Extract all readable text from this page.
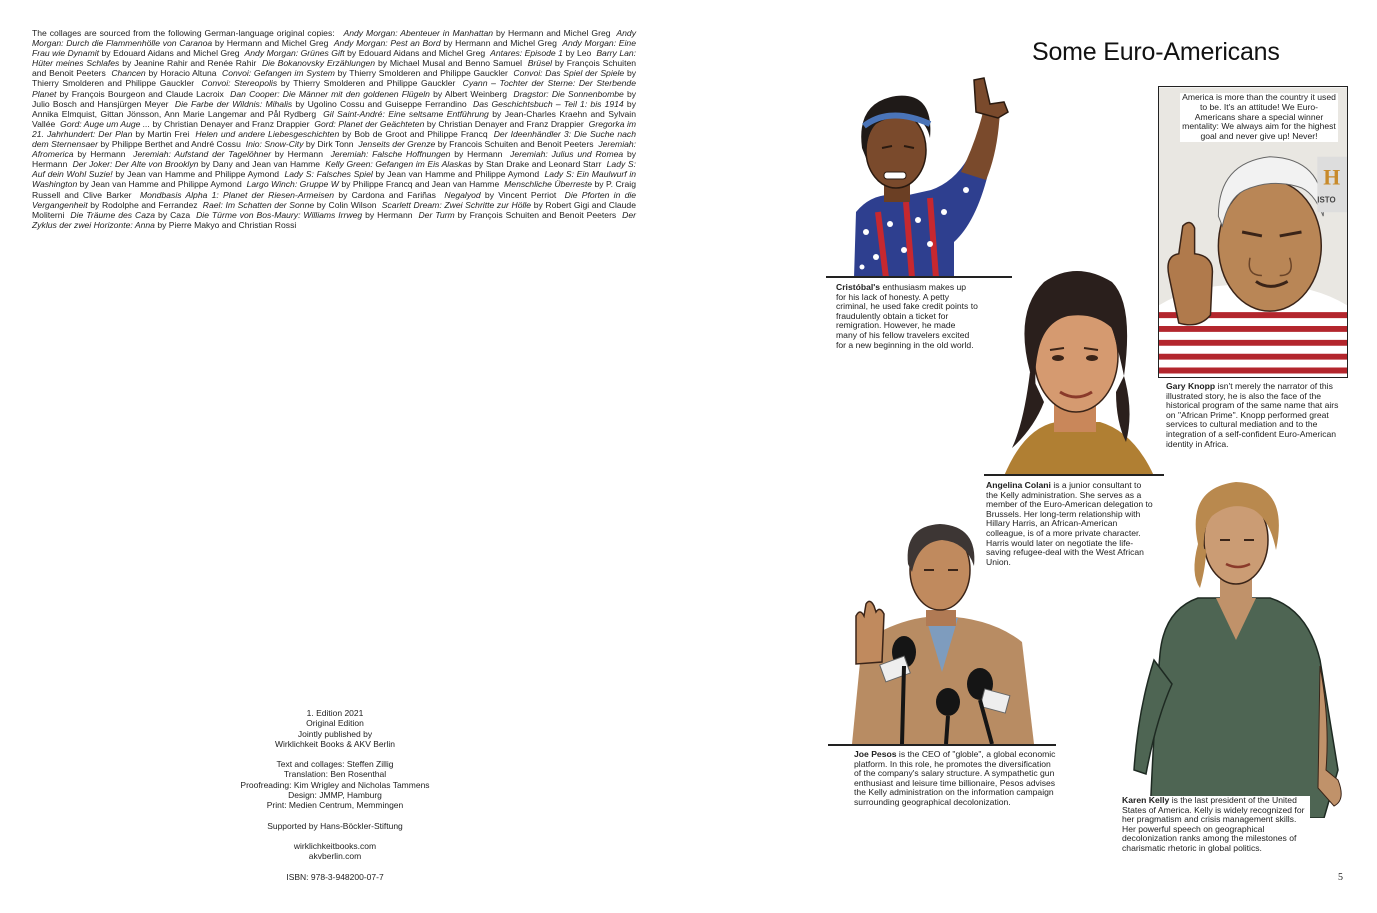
The collages are sourced from the following German-language original copies: Andy Morgan: Abenteuer in Manhattan by Hermann and Michel Greg Andy Morgan: Durch die Flammenhölle von Caranoa by Hermann and Michel Greg Andy Morgan: Pest an Bord by Hermann and Michel Greg Andy Morgan: Eine Frau wie Dynamit by Edouard Aidans and Michel Greg Andy Morgan: Grünes Gift by Edouard Aidans and Michel Greg Antares: Episode 1 by Leo Barry Lan: Hüter meines Schlafes by Jeanine Rahir and Renée Rahir Die Bokanovsky Erzählungen by Michael Musal and Benno Samuel Brüsel by François Schuiten and Benoit Peeters Chancen by Horacio Altuna Convoi: Gefangen im System by Thierry Smolderen and Philippe Gauckler Convoi: Das Spiel der Spiele by Thierry Smolderen and Philippe Gauckler Convoi: Stereopolis by Thierry Smolderen and Philippe Gauckler Cyann – Tochter der Sterne: Der Sterbende Planet by François Bourgeon and Claude Lacroix Dan Cooper: Die Männer mit den goldenen Flügeln by Albert Weinberg Dragstor: Die Sonnenbombe by Julio Bosch and Hansjürgen Meyer Die Farbe der Wildnis: Mihalis by Ugolino Cossu and Guiseppe Ferrandino Das Geschichtsbuch – Teil 1: bis 1914 by Annika Elmquist, Gittan Jönsson, Ann Marie Langemar and Pål Rydberg Gil Saint-André: Eine seltsame Entführung by Jean-Charles Kraehn and Sylvain Vallée Gord: Auge um Auge ... by Christian Denayer and Franz Drappier Gord: Planet der Geächteten by Christian Denayer and Franz Drappier Gregorka im 21. Jahrhundert: Der Plan by Martin Frei Helen und andere Liebesgeschichten by Bob de Groot and Philippe Francq Der Ideenhändler 3: Die Suche nach dem Sternensaer by Philippe Berthet and André Cossu Inio: Snow-City by Dirk Tonn Jenseits der Grenze by Francois Schuiten and Benoit Peeters Jeremiah: Afromerica by Hermann Jeremiah: Aufstand der Tagelöhner by Hermann Jeremiah: Falsche Hoffnungen by Hermann Jeremiah: Julius und Romea by Hermann Der Joker: Der Alte von Brooklyn by Dany and Jean van Hamme Kelly Green: Gefangen im Eis Alaskas by Stan Drake and Leonard Starr Lady S: Auf dein Wohl Suzie! by Jean van Hamme and Philippe Aymond Lady S: Falsches Spiel by Jean van Hamme and Philippe Aymond Lady S: Ein Maulwurf in Washington by Jean van Hamme and Philippe Aymond Largo Winch: Gruppe W by Philippe Francq and Jean van Hamme Menschliche Überreste by P. Craig Russell and Clive Barker Mondbasis Alpha 1: Planet der Riesen-Armeisen by Cardona and Fariñas Negalyod by Vincent Perriot Die Pforten in die Vergangenheit by Rodolphe and Ferrandez Rael: Im Schatten der Sonne by Colin Wilson Scarlett Dream: Zwei Schritte zur Hölle by Robert Gigi and Claude Moliterni Die Träume des Caza by Caza Die Türme von Bos-Maury: Williams Irrweg by Hermann Der Turm by François Schuiten and Benoit Peeters Der Zyklus der zwei Horizonte: Anna by Pierre Makyo and Christian Rossi
1. Edition 2021
Original Edition
Jointly published by
Wirklichkeit Books & AKV Berlin
Text and collages: Steffen Zillig
Translation: Ben Rosenthal
Proofreading: Kim Wrigley and Nicholas Tammens
Design: JMMP, Hamburg
Print: Medien Centrum, Memmingen
Supported by Hans-Böckler-Stiftung
wirklichkeitbooks.com
akvberlin.com
ISBN: 978-3-948200-07-7
Some Euro-Americans
Cristóbal's enthusiasm makes up for his lack of honesty. A petty criminal, he used fake credit points to fraudulently obtain a ticket for remigration. However, he made many of his fellow travelers excited for a new beginning in the old world.
Angelina Colani is a junior consultant to the Kelly administration. She serves as a member of the Euro-American delegation to Brussels. Her long-term relationship with Hillary Harris, an African-American colleague, is of a more private character. Harris would later on negotiate the life-saving refugee-deal with the West African Union.
H
ISTO
America is more than the country it used to be. It's an attitude! We Euro-Americans share a special winner mentality: We always aim for the highest goal and never give up! Never!
Gary Knopp isn't merely the narrator of this illustrated story, he is also the face of the historical program of the same name that airs on "African Prime". Knopp performed great services to cultural mediation and to the integration of a self-confident Euro-American identity in Africa.
Joe Pesos is the CEO of "globle", a global economic platform. In this role, he promotes the diversification of the company's salary structure. A sympathetic gun enthusiast and leisure time billionaire, Pesos advises the Kelly administration on the information campaign surrounding geographical decolonization.	Karen Kelly is the last president of the United States of America. Kelly is widely recognized for her pragmatism and crisis management skills. Her powerful speech on geographical decolonization ranks among the milestones of charismatic rhetoric in global politics.
5
